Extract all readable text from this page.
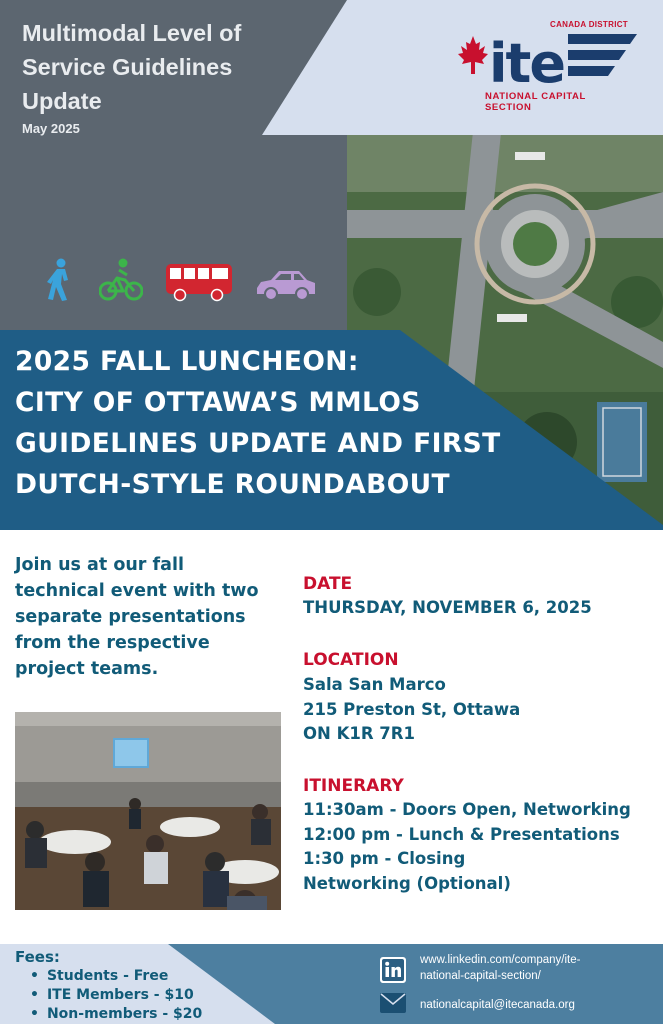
ite
CANADA DISTRICT
NATIONAL CAPITAL
SECTION
Multimodal Level of
Service Guidelines
Update
May 2025
2025 FALL LUNCHEON:
CITY OF OTTAWA’S MMLOS
GUIDELINES UPDATE AND FIRST
DUTCH-STYLE ROUNDABOUT
Join us at our fall
technical event with two
separate presentations
from the respective
project teams.
DATE
THURSDAY, NOVEMBER 6, 2025
LOCATION
Sala San Marco
215 Preston St, Ottawa
ON K1R 7R1
ITINERARY
11:30am - Doors Open, Networking
12:00 pm - Lunch & Presentations
1:30 pm - Closing
Networking (Optional)
Fees:
• Students - Free
• ITE Members - $10
• Non-members - $20
www.linkedin.com/company/ite-
national-capital-section/
nationalcapital@itecanada.org
